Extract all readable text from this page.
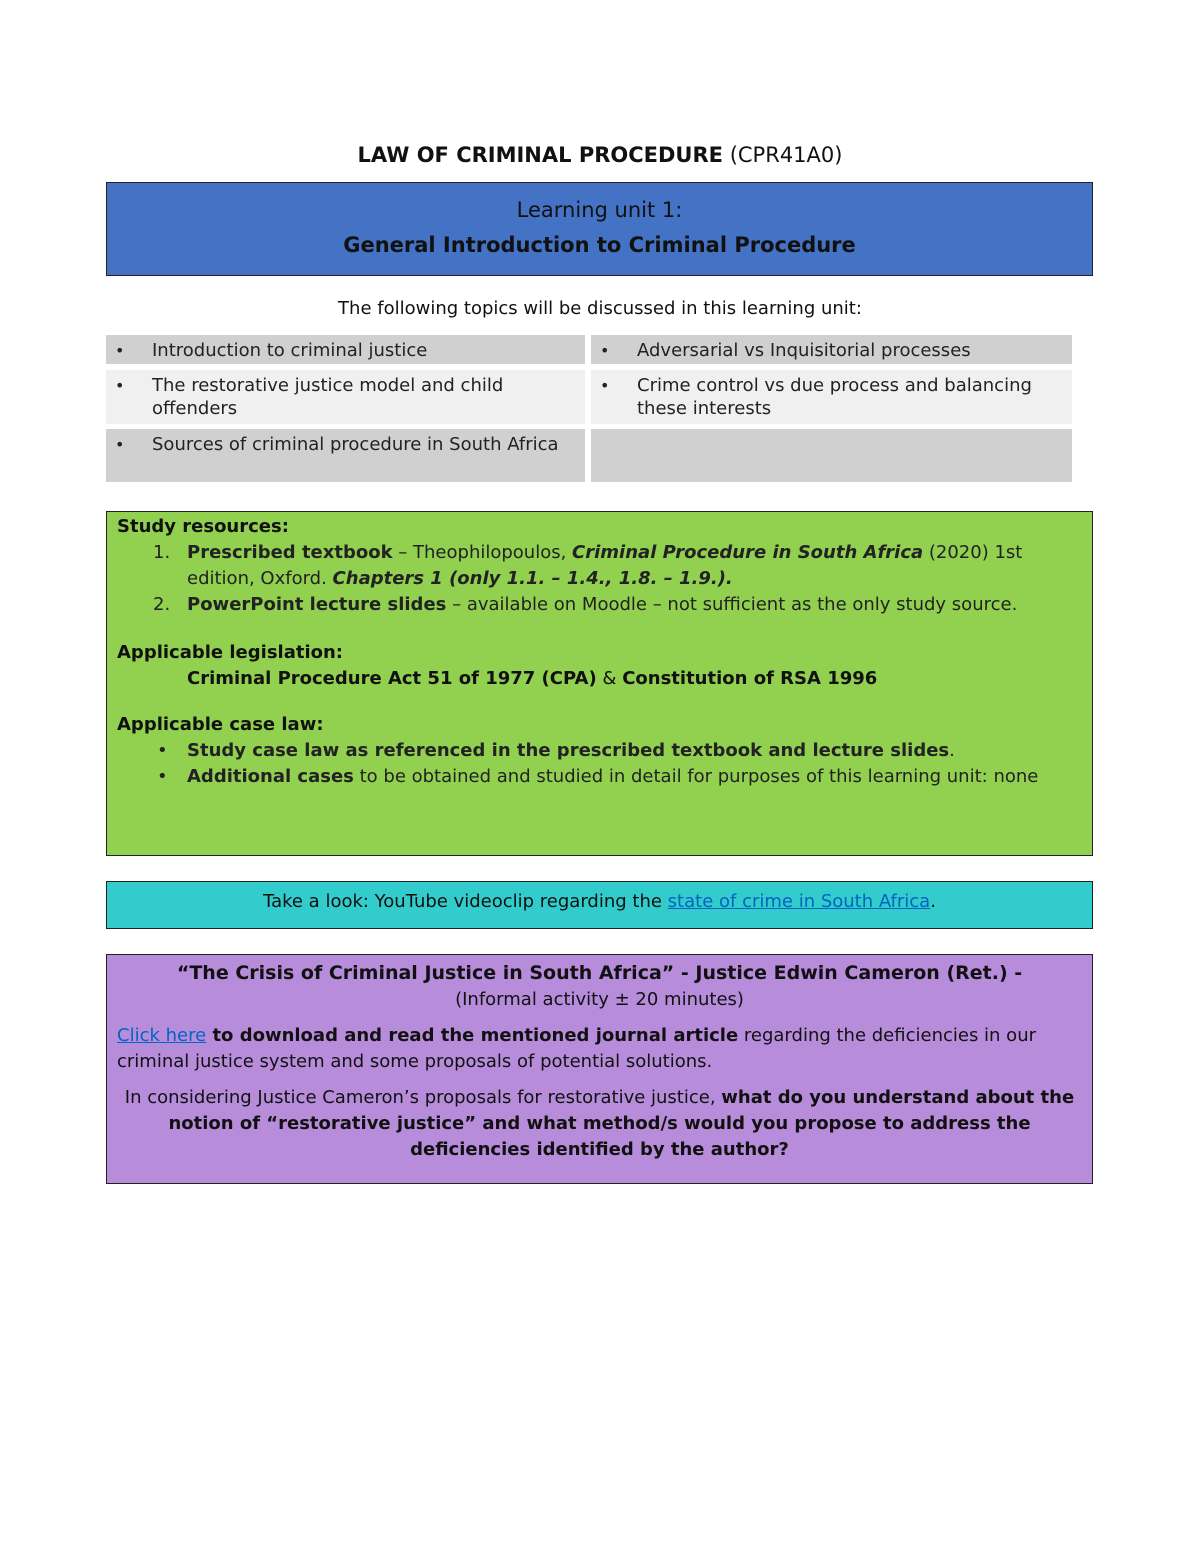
LAW OF CRIMINAL PROCEDURE (CPR41A0)
Learning unit 1:
General Introduction to Criminal Procedure
The following topics will be discussed in this learning unit:
• Introduction to criminal justice	• Adversarial vs Inquisitorial processes
• The restorative justice model and child offenders
• Crime control vs due process and balancing these interests
• Sources of criminal procedure in South Africa

Study resources:

1. Prescribed textbook – Theophilopoulos, Criminal Procedure in South Africa (2020) 1st edition, Oxford. Chapters 1 (only 1.1. – 1.4., 1.8. – 1.9.).

2. PowerPoint lecture slides – available on Moodle – not sufficient as the only study source.

Applicable legislation:

Criminal Procedure Act 51 of 1977 (CPA) & Constitution of RSA 1996

Applicable case law:

• Study case law as referenced in the prescribed textbook and lecture slides.

• Additional cases to be obtained and studied in detail for purposes of this learning unit: none

Take a look: YouTube videoclip regarding the state of crime in South Africa.

“The Crisis of Criminal Justice in South Africa” - Justice Edwin Cameron (Ret.) -

(Informal activity ± 20 minutes)

Click here to download and read the mentioned journal article regarding the deficiencies in our criminal justice system and some proposals of potential solutions.

In considering Justice Cameron’s proposals for restorative justice, what do you understand about the notion of “restorative justice” and what method/s would you propose to address the deficiencies identified by the author?
